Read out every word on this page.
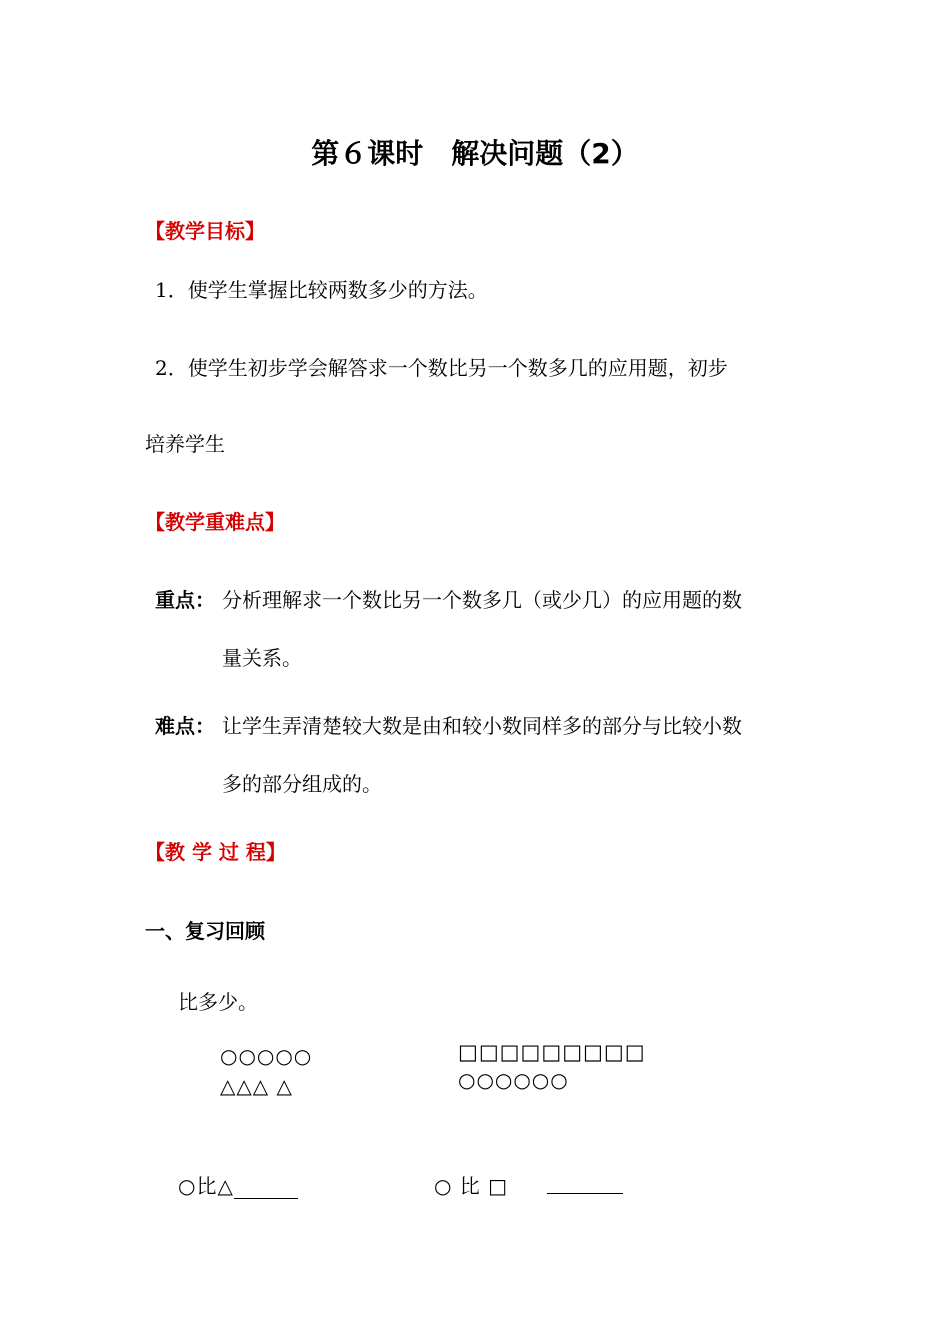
第６课时　解决问题（2）
【教学目标】
1．使学生掌握比较两数多少的方法。
2．使学生初步学会解答求一个数比另一个数多几的应用题，初步
培养学生
【教学重难点】
重点： 分析理解求一个数比另一个数多几（或少几）的应用题的数
量关系。
难点： 让学生弄清楚较大数是由和较小数同样多的部分与比较小数
多的部分组成的。
【教 学 过 程】
一、复习回顾
比多少。
○○○○○
△△△ △
□□□□□□□□□
○○○○○○
○比△	○ 比 □
